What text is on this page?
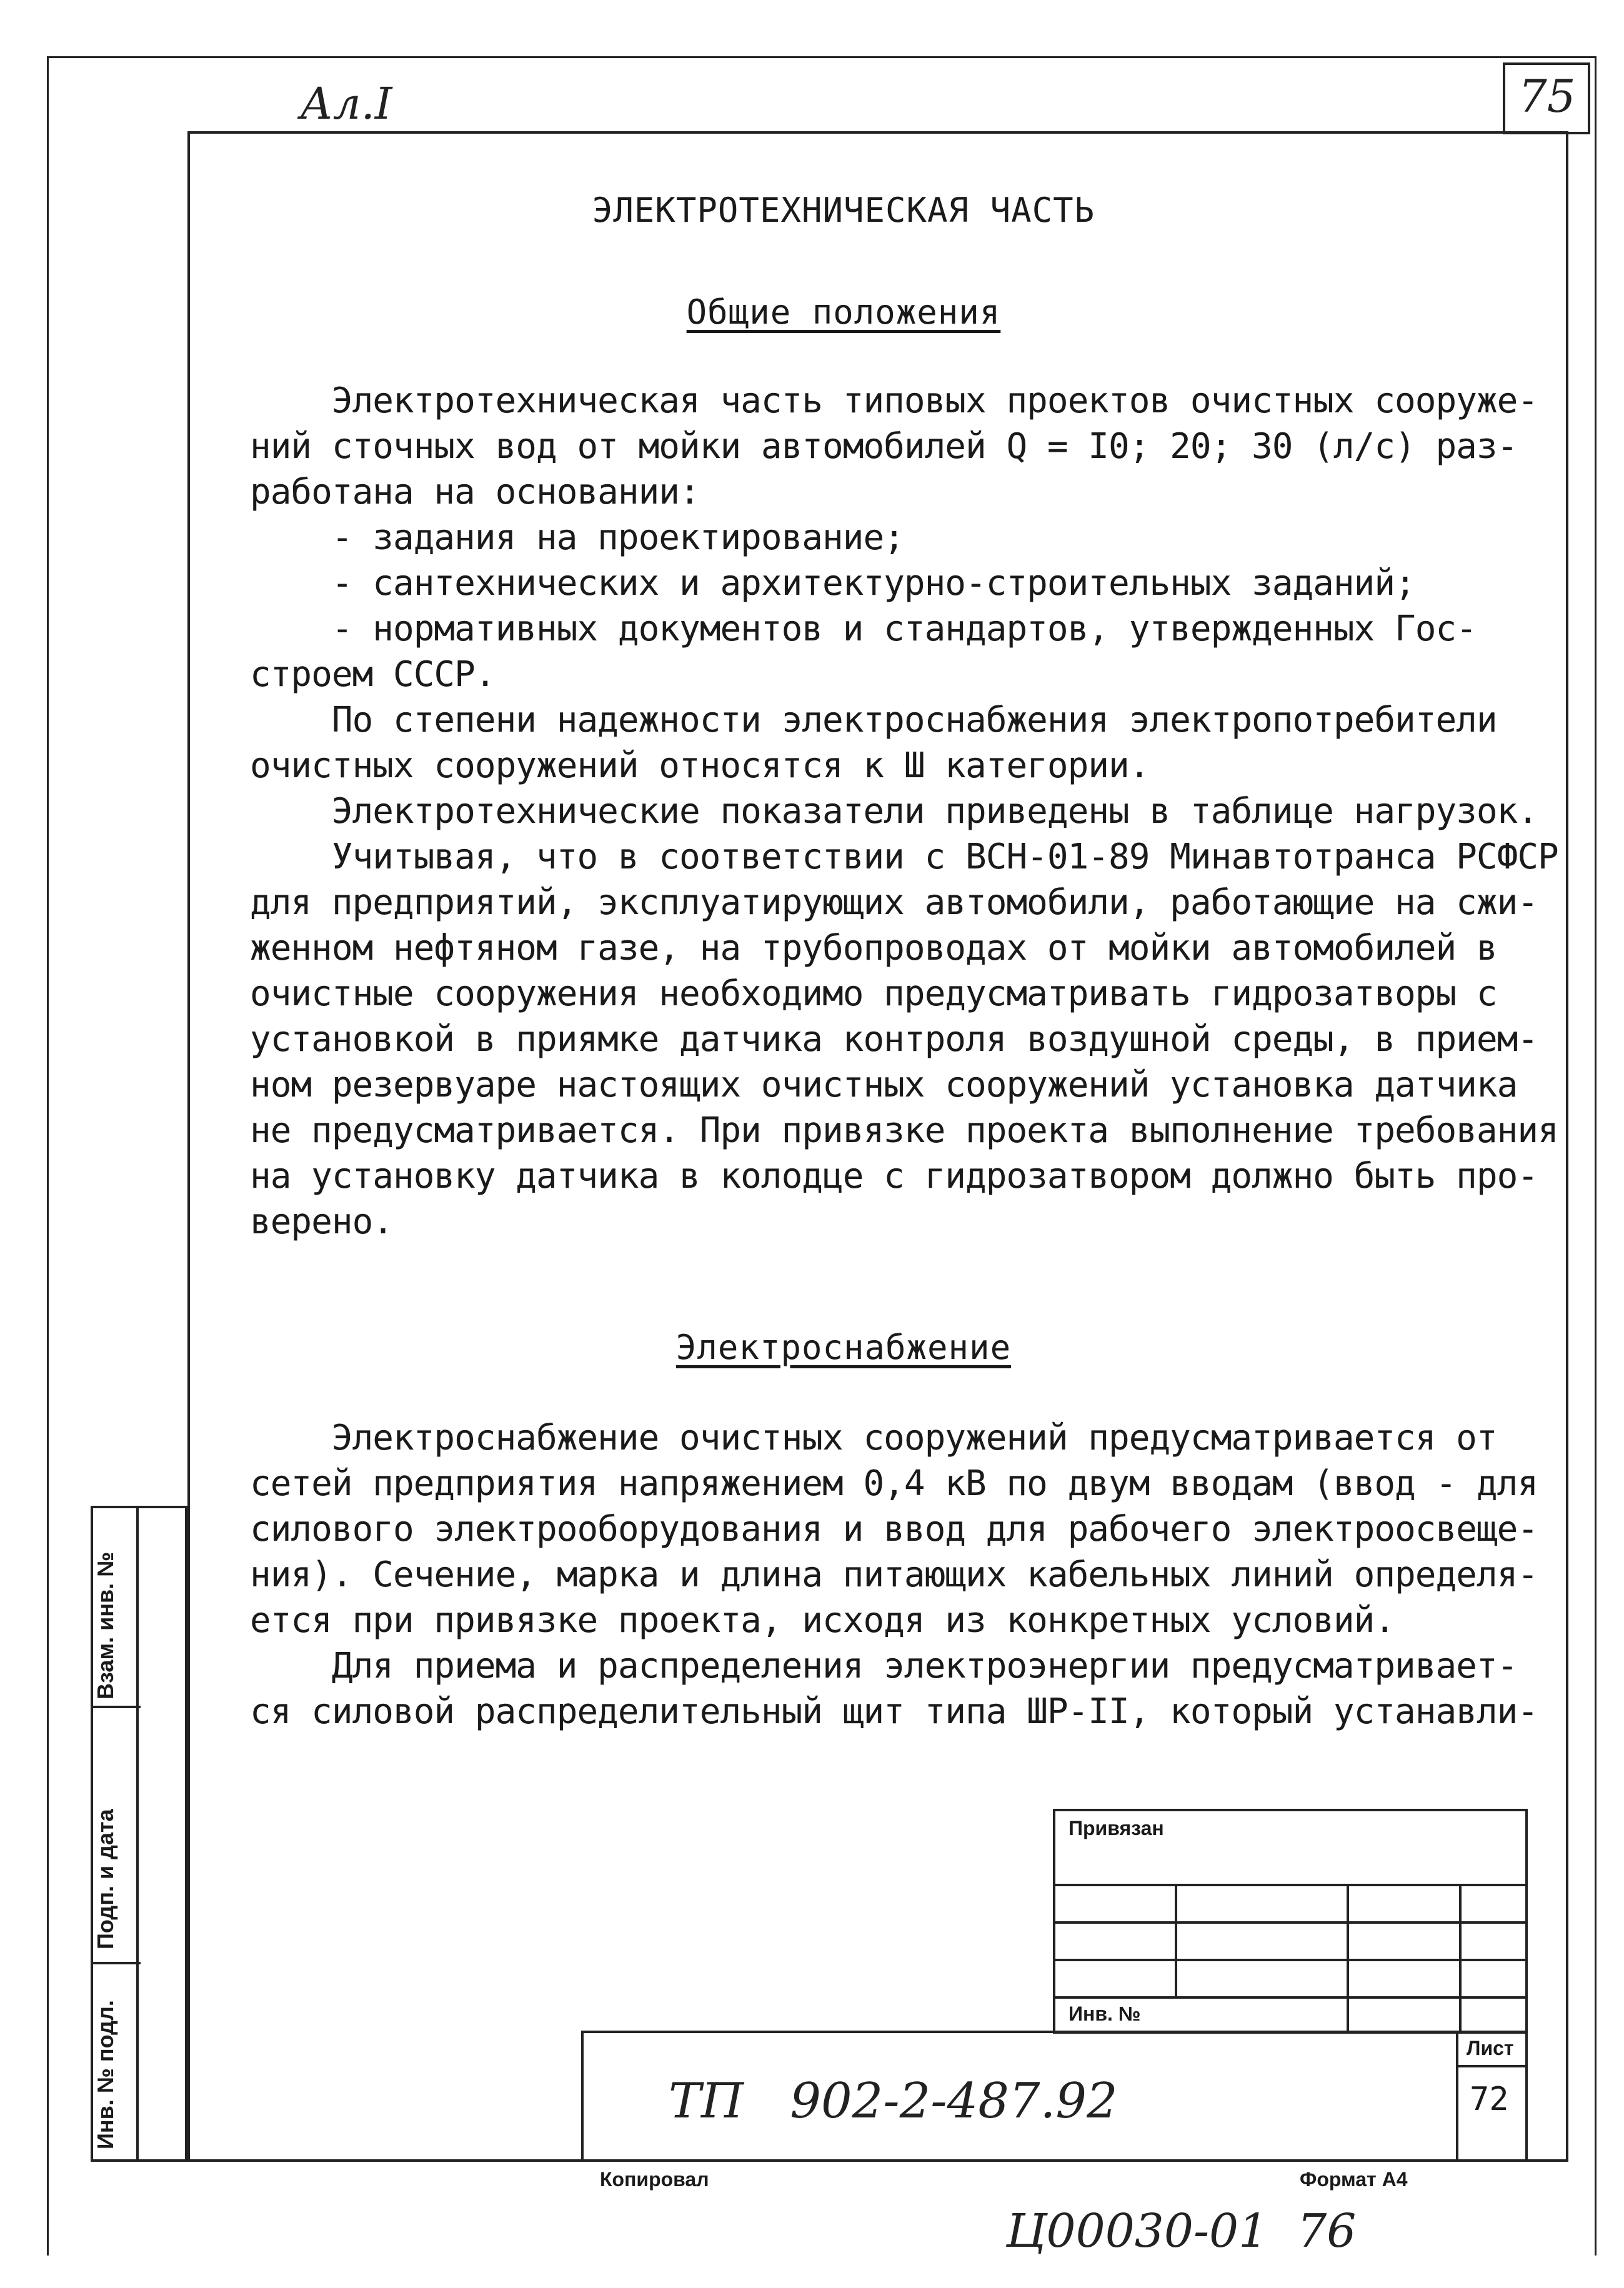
Ал.I	75
ЭЛЕКТРОТЕХНИЧЕСКАЯ ЧАСТЬ
Общие положения
Электротехническая часть типовых проектов очистных сооруже-
ний сточных вод от мойки автомобилей Q = I0; 20; 30 (л/с) раз-
работана на основании:
- задания на проектирование;
- сантехнических и архитектурно-строительных заданий;
- нормативных документов и стандартов, утвержденных Гос-
строем СССР.
По степени надежности электроснабжения электропотребители
очистных сооружений относятся к Ш категории.
Электротехнические показатели приведены в таблице нагрузок.
Учитывая, что в соответствии с ВСН-01-89 Минавтотранса РСФСР
для предприятий, эксплуатирующих автомобили, работающие на сжи-
женном нефтяном газе, на трубопроводах от мойки автомобилей в
очистные сооружения необходимо предусматривать гидрозатворы с
установкой в приямке датчика контроля воздушной среды, в прием-
ном резервуаре настоящих очистных сооружений установка датчика
не предусматривается. При привязке проекта выполнение требования
на установку датчика в колодце с гидрозатвором должно быть про-
верено.
Электроснабжение
Электроснабжение очистных сооружений предусматривается от
сетей предприятия напряжением 0,4 кВ по двум вводам (ввод - для
силового электрооборудования и ввод для рабочего электроосвеще-
ния). Сечение, марка и длина питающих кабельных линий определя-
ется при привязке проекта, исходя из конкретных условий.
Для приема и распределения электроэнергии предусматривает-
ся силовой распределительный щит типа ШР-II, который устанавли-
Взам. инв. №
Подп. и дата
Инв. № подл.
Привязан
Инв. №
Лист
72
ТП   902-2-487.92
Копировал	Формат А4
Ц00030-01  76
